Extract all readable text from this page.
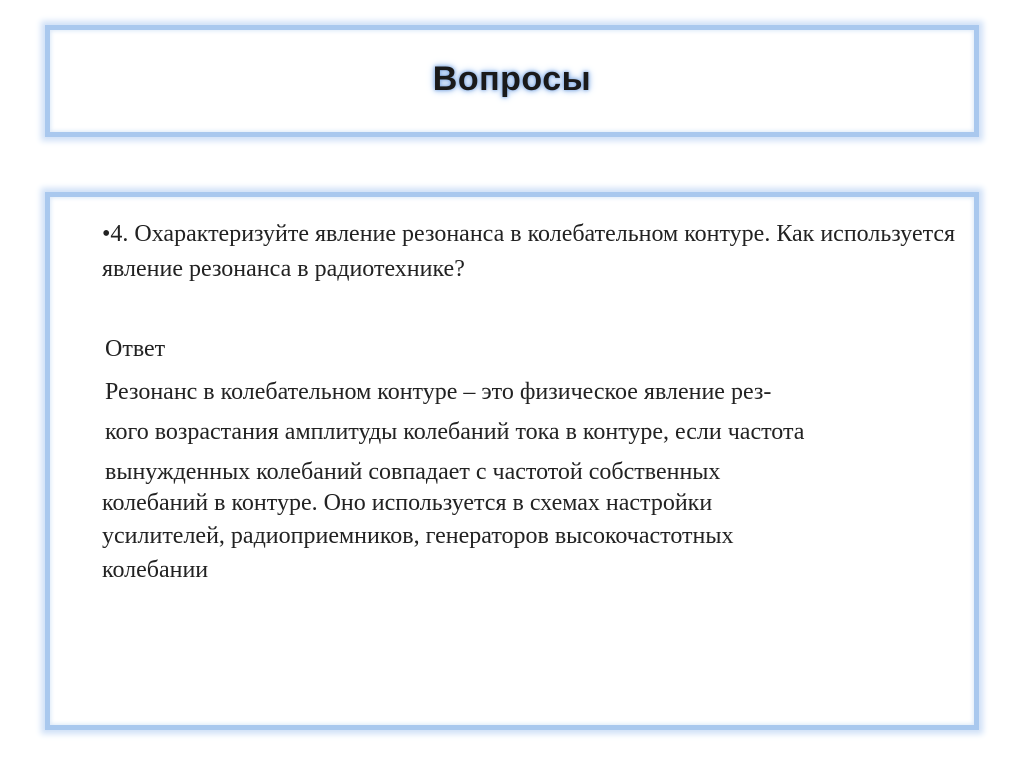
Вопросы
•4. Охарактеризуйте явление резонанса в колебательном контуре. Как используется явление резонанса в радиотехнике?
Ответ
Резонанс в колебательном контуре – это физическое явление рез-
кого возрастания амплитуды колебаний тока в контуре, если частота
вынужденных колебаний совпадает с частотой собственных
колебаний в контуре. Оно используется в схемах настройки
усилителей, радиоприемников, генераторов высокочастотных
колебании
